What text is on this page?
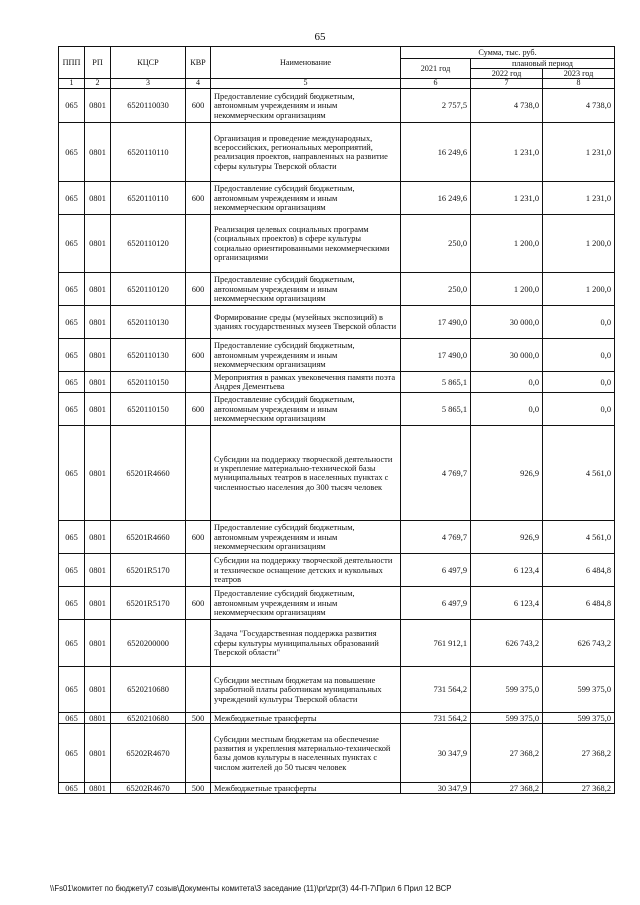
65
ППП	РП	КЦСР	КВР	Наименование	Сумма, тыс. руб.		
					2021 год	плановый период	
						2022 год	2023 год
1	2	3	4	5	6	7	8
065	0801	6520110030	600	Предоставление субсидий бюджетным, автономным учреждениям и иным некоммерческим организациям	2 757,5	4 738,0	4 738,0
065	0801	6520110110		Организация и проведение международных, всероссийских, региональных мероприятий, реализация проектов, направленных на развитие сферы культуры Тверской области	16 249,6	1 231,0	1 231,0
065	0801	6520110110	600	Предоставление субсидий бюджетным, автономным учреждениям и иным некоммерческим организациям	16 249,6	1 231,0	1 231,0
065	0801	6520110120		Реализация целевых социальных программ (социальных проектов) в сфере культуры социально ориентированными некоммерческими организациями	250,0	1 200,0	1 200,0
065	0801	6520110120	600	Предоставление субсидий бюджетным, автономным учреждениям и иным некоммерческим организациям	250,0	1 200,0	1 200,0
065	0801	6520110130		Формирование среды (музейных экспозиций) в зданиях государственных музеев Тверской области	17 490,0	30 000,0	0,0
065	0801	6520110130	600	Предоставление субсидий бюджетным, автономным учреждениям и иным некоммерческим организациям	17 490,0	30 000,0	0,0
065	0801	6520110150		Мероприятия в рамках увековечения памяти поэта Андрея Дементьева	5 865,1	0,0	0,0
065	0801	6520110150	600	Предоставление субсидий бюджетным, автономным учреждениям и иным некоммерческим организациям	5 865,1	0,0	0,0
065	0801	65201R4660		Субсидии на поддержку творческой деятельности и укрепление материально-технической базы муниципальных театров в населенных пунктах с численностью населения до 300 тысяч человек	4 769,7	926,9	4 561,0
065	0801	65201R4660	600	Предоставление субсидий бюджетным, автономным учреждениям и иным некоммерческим организациям	4 769,7	926,9	4 561,0
065	0801	65201R5170		Субсидии на поддержку творческой деятельности и техническое оснащение детских и кукольных театров	6 497,9	6 123,4	6 484,8
065	0801	65201R5170	600	Предоставление субсидий бюджетным, автономным учреждениям и иным некоммерческим организациям	6 497,9	6 123,4	6 484,8
065	0801	6520200000		Задача "Государственная поддержка развития сферы культуры муниципальных образований Тверской области"	761 912,1	626 743,2	626 743,2
065	0801	6520210680		Субсидии местным бюджетам на повышение заработной платы работникам муниципальных учреждений культуры Тверской области	731 564,2	599 375,0	599 375,0
065	0801	6520210680	500	Межбюджетные трансферты	731 564,2	599 375,0	599 375,0
065	0801	65202R4670		Субсидии местным бюджетам на обеспечение развития и укрепления материально-технической базы домов культуры в населенных пунктах с числом жителей до 50 тысяч человек	30 347,9	27 368,2	27 368,2
065	0801	65202R4670	500	Межбюджетные трансферты	30 347,9	27 368,2	27 368,2
\\Fs01\комитет по бюджету\7 созыв\Документы комитета\3 заседание (11)\pr\zpr(3) 44-П-7\Прил 6 Прил 12 ВСР
